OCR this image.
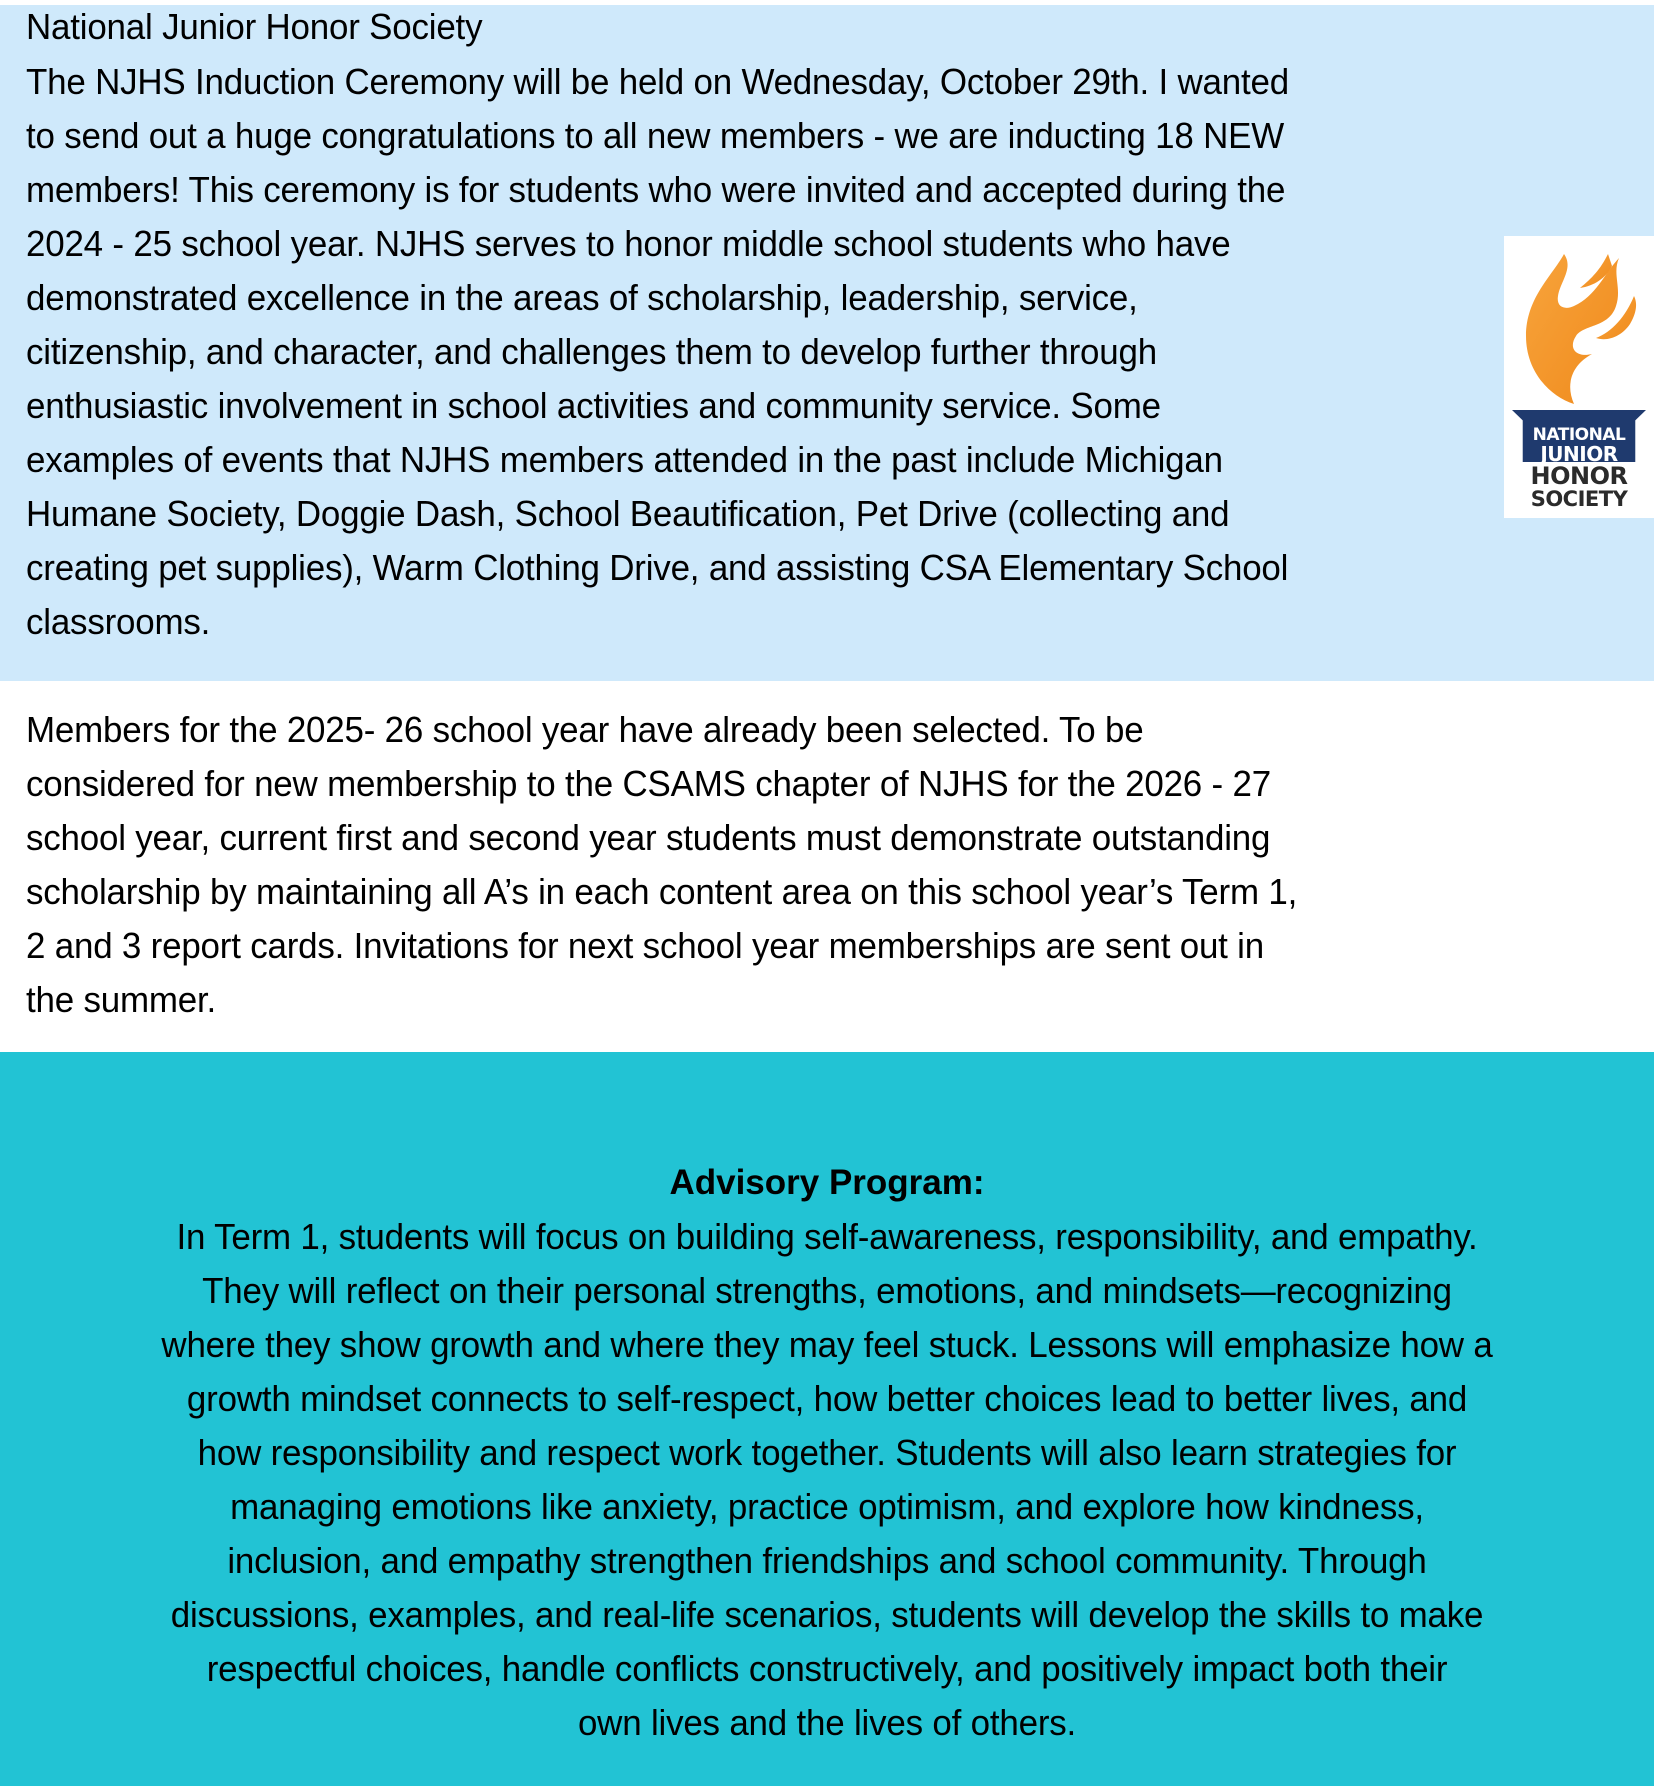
National Junior Honor Society
The NJHS Induction Ceremony will be held on Wednesday, October 29th. I wanted
to send out a huge congratulations to all new members - we are inducting 18 NEW
members! This ceremony is for students who were invited and accepted during the
2024 - 25 school year. NJHS serves to honor middle school students who have
demonstrated excellence in the areas of scholarship, leadership, service,
citizenship, and character, and challenges them to develop further through
enthusiastic involvement in school activities and community service. Some
examples of events that NJHS members attended in the past include Michigan
Humane Society, Doggie Dash, School Beautification, Pet Drive (collecting and
creating pet supplies), Warm Clothing Drive, and assisting CSA Elementary School
classrooms.
NATIONAL
JUNIOR
HONOR
SOCIETY
Members for the 2025- 26 school year have already been selected. To be
considered for new membership to the CSAMS chapter of NJHS for the 2026 - 27
school year, current first and second year students must demonstrate outstanding
scholarship by maintaining all A’s in each content area on this school year’s Term 1,
2 and 3 report cards. Invitations for next school year memberships are sent out in
the summer.
Advisory Program:
In Term 1, students will focus on building self-awareness, responsibility, and empathy.
They will reflect on their personal strengths, emotions, and mindsets—recognizing
where they show growth and where they may feel stuck. Lessons will emphasize how a
growth mindset connects to self-respect, how better choices lead to better lives, and
how responsibility and respect work together. Students will also learn strategies for
managing emotions like anxiety, practice optimism, and explore how kindness,
inclusion, and empathy strengthen friendships and school community. Through
discussions, examples, and real-life scenarios, students will develop the skills to make
respectful choices, handle conflicts constructively, and positively impact both their
own lives and the lives of others.
